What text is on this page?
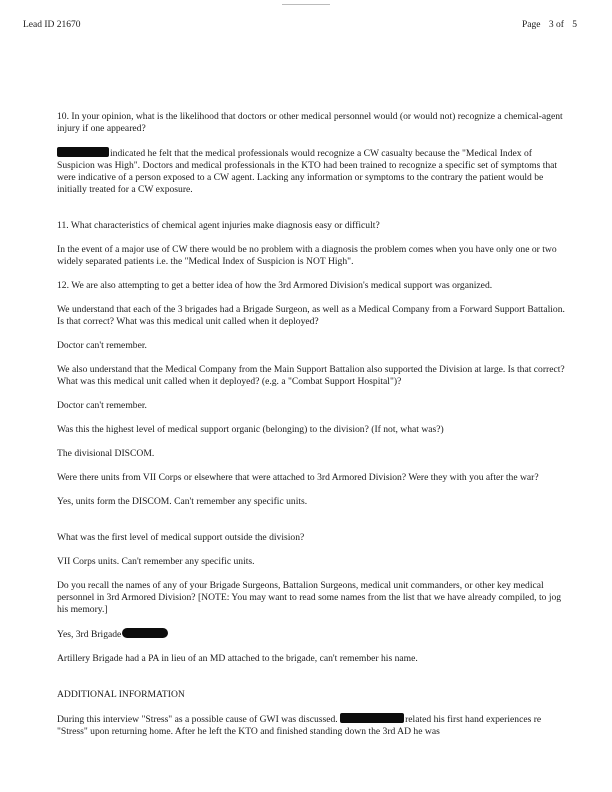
Lead ID 21670	Page 3 of 5

10. In your opinion, what is the likelihood that doctors or other medical personnel would (or would not) recognize a chemical-agent injury if one appeared?

indicated he felt that the medical professionals would recognize a CW casualty because the "Medical Index of Suspicion was High". Doctors and medical professionals in the KTO had been trained to recognize a specific set of symptoms that were indicative of a person exposed to a CW agent. Lacking any information or symptoms to the contrary the patient would be initially treated for a CW exposure.

11. What characteristics of chemical agent injuries make diagnosis easy or difficult?

In the event of a major use of CW there would be no problem with a diagnosis the problem comes when you have only one or two widely separated patients i.e. the "Medical Index of Suspicion is NOT High".

12. We are also attempting to get a better idea of how the 3rd Armored Division's medical support was organized.

We understand that each of the 3 brigades had a Brigade Surgeon, as well as a Medical Company from a Forward Support Battalion. Is that correct? What was this medical unit called when it deployed?

Doctor can't remember.

We also understand that the Medical Company from the Main Support Battalion also supported the Division at large. Is that correct? What was this medical unit called when it deployed? (e.g. a "Combat Support Hospital")?

Doctor can't remember.

Was this the highest level of medical support organic (belonging) to the division? (If not, what was?)

The divisional DISCOM.

Were there units from VII Corps or elsewhere that were attached to 3rd Armored Division? Were they with you after the war?

Yes, units form the DISCOM. Can't remember any specific units.

What was the first level of medical support outside the division?

VII Corps units. Can't remember any specific units.

Do you recall the names of any of your Brigade Surgeons, Battalion Surgeons, medical unit commanders, or other key medical personnel in 3rd Armored Division? [NOTE: You may want to read some names from the list that we have already compiled, to jog his memory.]

Yes, 3rd Brigade

Artillery Brigade had a PA in lieu of an MD attached to the brigade, can't remember his name.

ADDITIONAL INFORMATION

During this interview "Stress" as a possible cause of GWI was discussed.	related his first hand experiences re "Stress" upon returning home. After he left the KTO and finished standing down the 3rd AD he was
